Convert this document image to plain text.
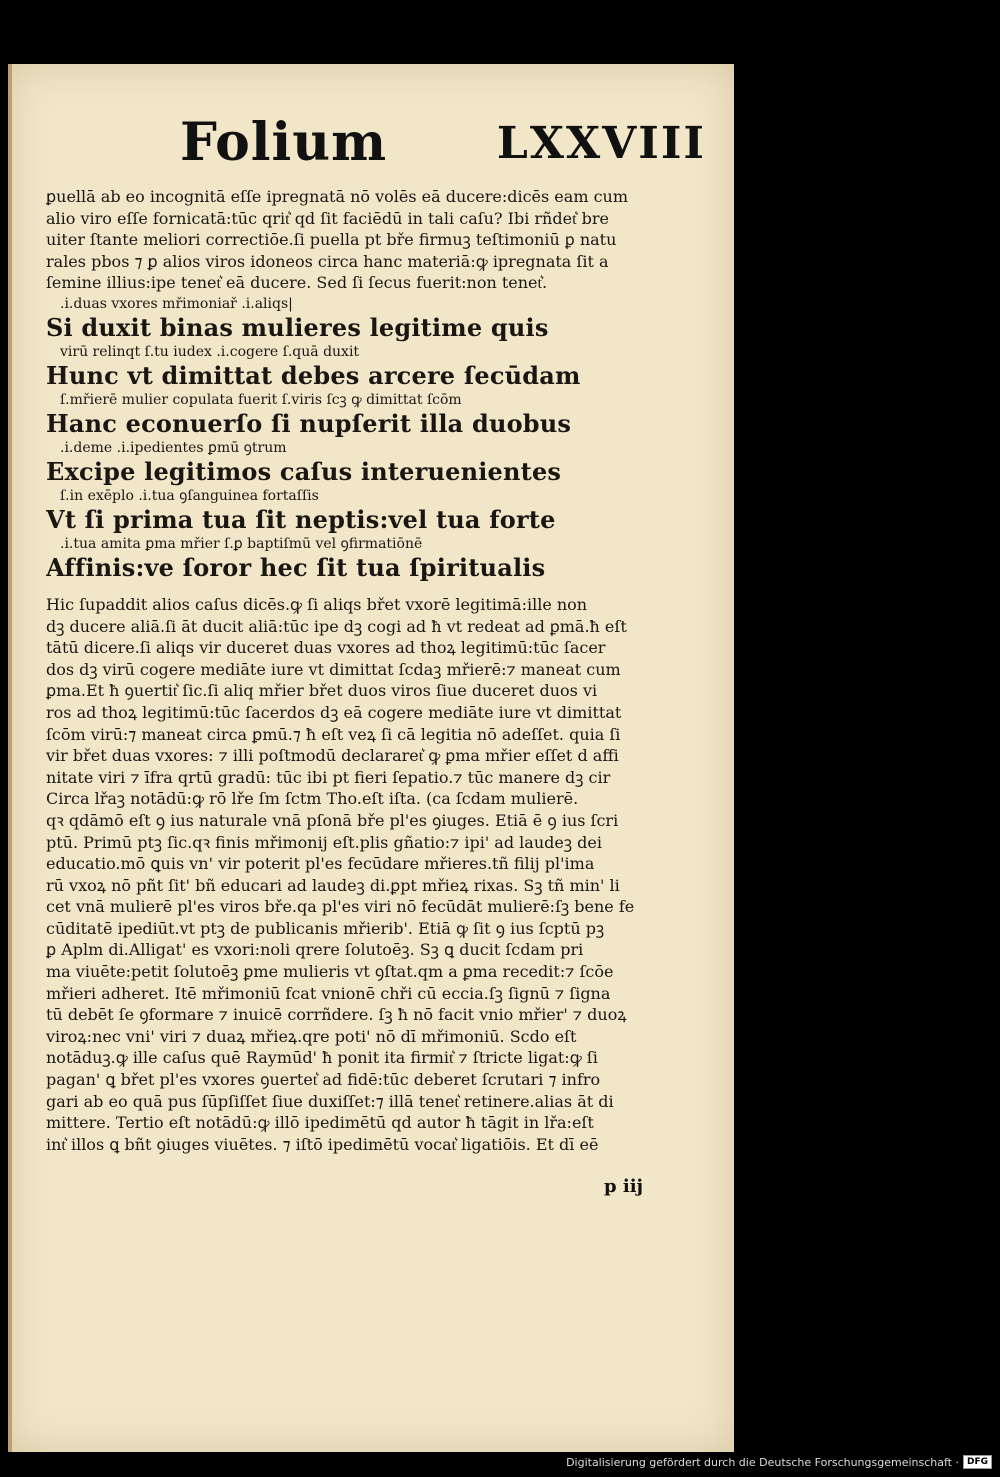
Folium LXXVIII
ꝑuellā ab eo incognitā eſſe ipregnatā nō volēs eā ducere:dicēs eam cum
alio viro eſſe fornicatā:tūc qrit͛ qd ſit faciēdū in tali caſu? Ibi rñdet͛ bre
uiter ſtante meliori correctiōe.ſi puella pt bře firmuꝫ teſtimoniū ꝑ natu
rales pbos ⁊ ꝑ alios viros idoneos circa hanc materiā:ꝙ ipregnata ſit a
ſemine illius:ipe tenet͛ eā ducere. Sed ſi ſecus fuerit:non tenet͛.
.i.duas vxores mřimoniař .i.aliqs|
Si duxit binas mulieres legitime quis
virū relinqt ſ.tu iudex .i.cogere ſ.quā duxit
Hunc vt dimittat debes arcere ſecūdam
ſ.mřierē mulier copulata fuerit ſ.viris ſcꝫ ꝙ dimittat ſcōm
Hanc econuerſo ſi nupſerit illa duobus
.i.deme .i.ipedientes ꝑmū ꝯtrum
Excipe legitimos caſus interuenientes
ſ.in exēplo .i.tua ꝯſanguinea fortaſſis
Vt ſi prima tua ſit neptis:vel tua forte
.i.tua amita ꝑma mřier ſ.ꝑ baptiſmū vel ꝯfirmatiōnē
Affinis:ve ſoror hec ſit tua ſpiritualis
Hic ſupaddit alios caſus dicēs.ꝙ ſi aliqs břet vxorē legitimā:ille non
dꝫ ducere aliā.ſi āt ducit aliā:tūc ipe dꝫ cogi ad ħ vt redeat ad ꝑmā.ħ eſt
tātū dicere.ſi aliqs vir duceret duas vxores ad thoꝝ legitimū:tūc ſacer
dos dꝫ virū cogere mediāte iure vt dimittat ſcdaꝫ mřierē:⁊ maneat cum
ꝑma.Et ħ ꝯuertit͛ ſic.ſi aliq mřier břet duos viros ſiue duceret duos vi
ros ad thoꝝ legitimū:tūc ſacerdos dꝫ eā cogere mediāte iure vt dimittat
ſcōm virū:⁊ maneat circa ꝑmū.⁊ ħ eſt veꝝ ſi cā legitia nō adeſſet. quia ſi
vir břet duas vxores: ⁊ illi poſtmodū declararet͛ ꝙ ꝑma mřier eſſet d affi
nitate viri ⁊ īfra qrtū gradū: tūc ibi pt fieri ſepatio.⁊ tūc manere dꝫ cir
Circa lřaꝫ notādū:ꝙ rō lře ſm ſctm Tho.eſt iſta. (ca ſcdam mulierē.
qꝛ qdāmō eſt ꝯ ius naturale vnā pſonā bře pl'es ꝯiuges. Etiā ē ꝯ ius ſcri
ptū. Primū ptꝫ ſic.qꝛ finis mřimonij eſt.plis gñatio:⁊ ipi' ad laudeꝫ dei
educatio.mō ꝗuis vn' vir poterit pl'es fecūdare mřieres.tñ filij pl'ima
rū vxoꝝ nō pñt ſit' bñ educari ad laudeꝫ di.ꝑpt mřieꝝ rixas. Sꝫ tñ min' li
cet vnā mulierē pl'es viros bře.qa pl'es viri nō fecūdāt mulierē:ſꝫ bene fe
cūditatē ipediūt.vt ptꝫ de publicanis mřierib'. Etiā ꝙ ſit ꝯ ius ſcptū pꝫ
ꝑ Aplm di.Alligat' es vxori:noli qrere ſolutoēꝫ. Sꝫ ꝗ ducit ſcdam pri
ma viuēte:petit ſolutoēꝫ ꝑme mulieris vt ꝯſtat.qm a ꝑma recedit:⁊ ſcōe
mřieri adheret. Itē mřimoniū fcat vnionē chři cū eccia.ſꝫ ſignū ⁊ ſigna
tū debēt ſe ꝯformare ⁊ inuicē corrñdere. ſꝫ ħ nō facit vnio mřier' ⁊ duoꝝ
viroꝝ:nec vni' viri ⁊ duaꝝ mřieꝝ.qre poti' nō dī mřimoniū. Scdo eſt
notāduꝫ.ꝙ ille caſus quē Raymūd' ħ ponit ita firmit͛ ⁊ ſtricte ligat:ꝙ ſi
pagan' ꝗ břet pl'es vxores ꝯuertet͛ ad fidē:tūc deberet ſcrutari ⁊ infro
gari ab eo quā pus ſūpſiſſet ſiue duxiſſet:⁊ illā tenet͛ retinere.alias āt di
mittere. Tertio eſt notādū:ꝙ illō ipedimētū qd autor ħ tāgit in lřa:eſt
int͛ illos ꝗ bñt ꝯiuges viuētes. ⁊ iſtō ipedimētū vocat͛ ligatiōis. Et dī eē
p iij
Digitalisierung gefördert durch die Deutsche Forschungsgemeinschaft · DFG
